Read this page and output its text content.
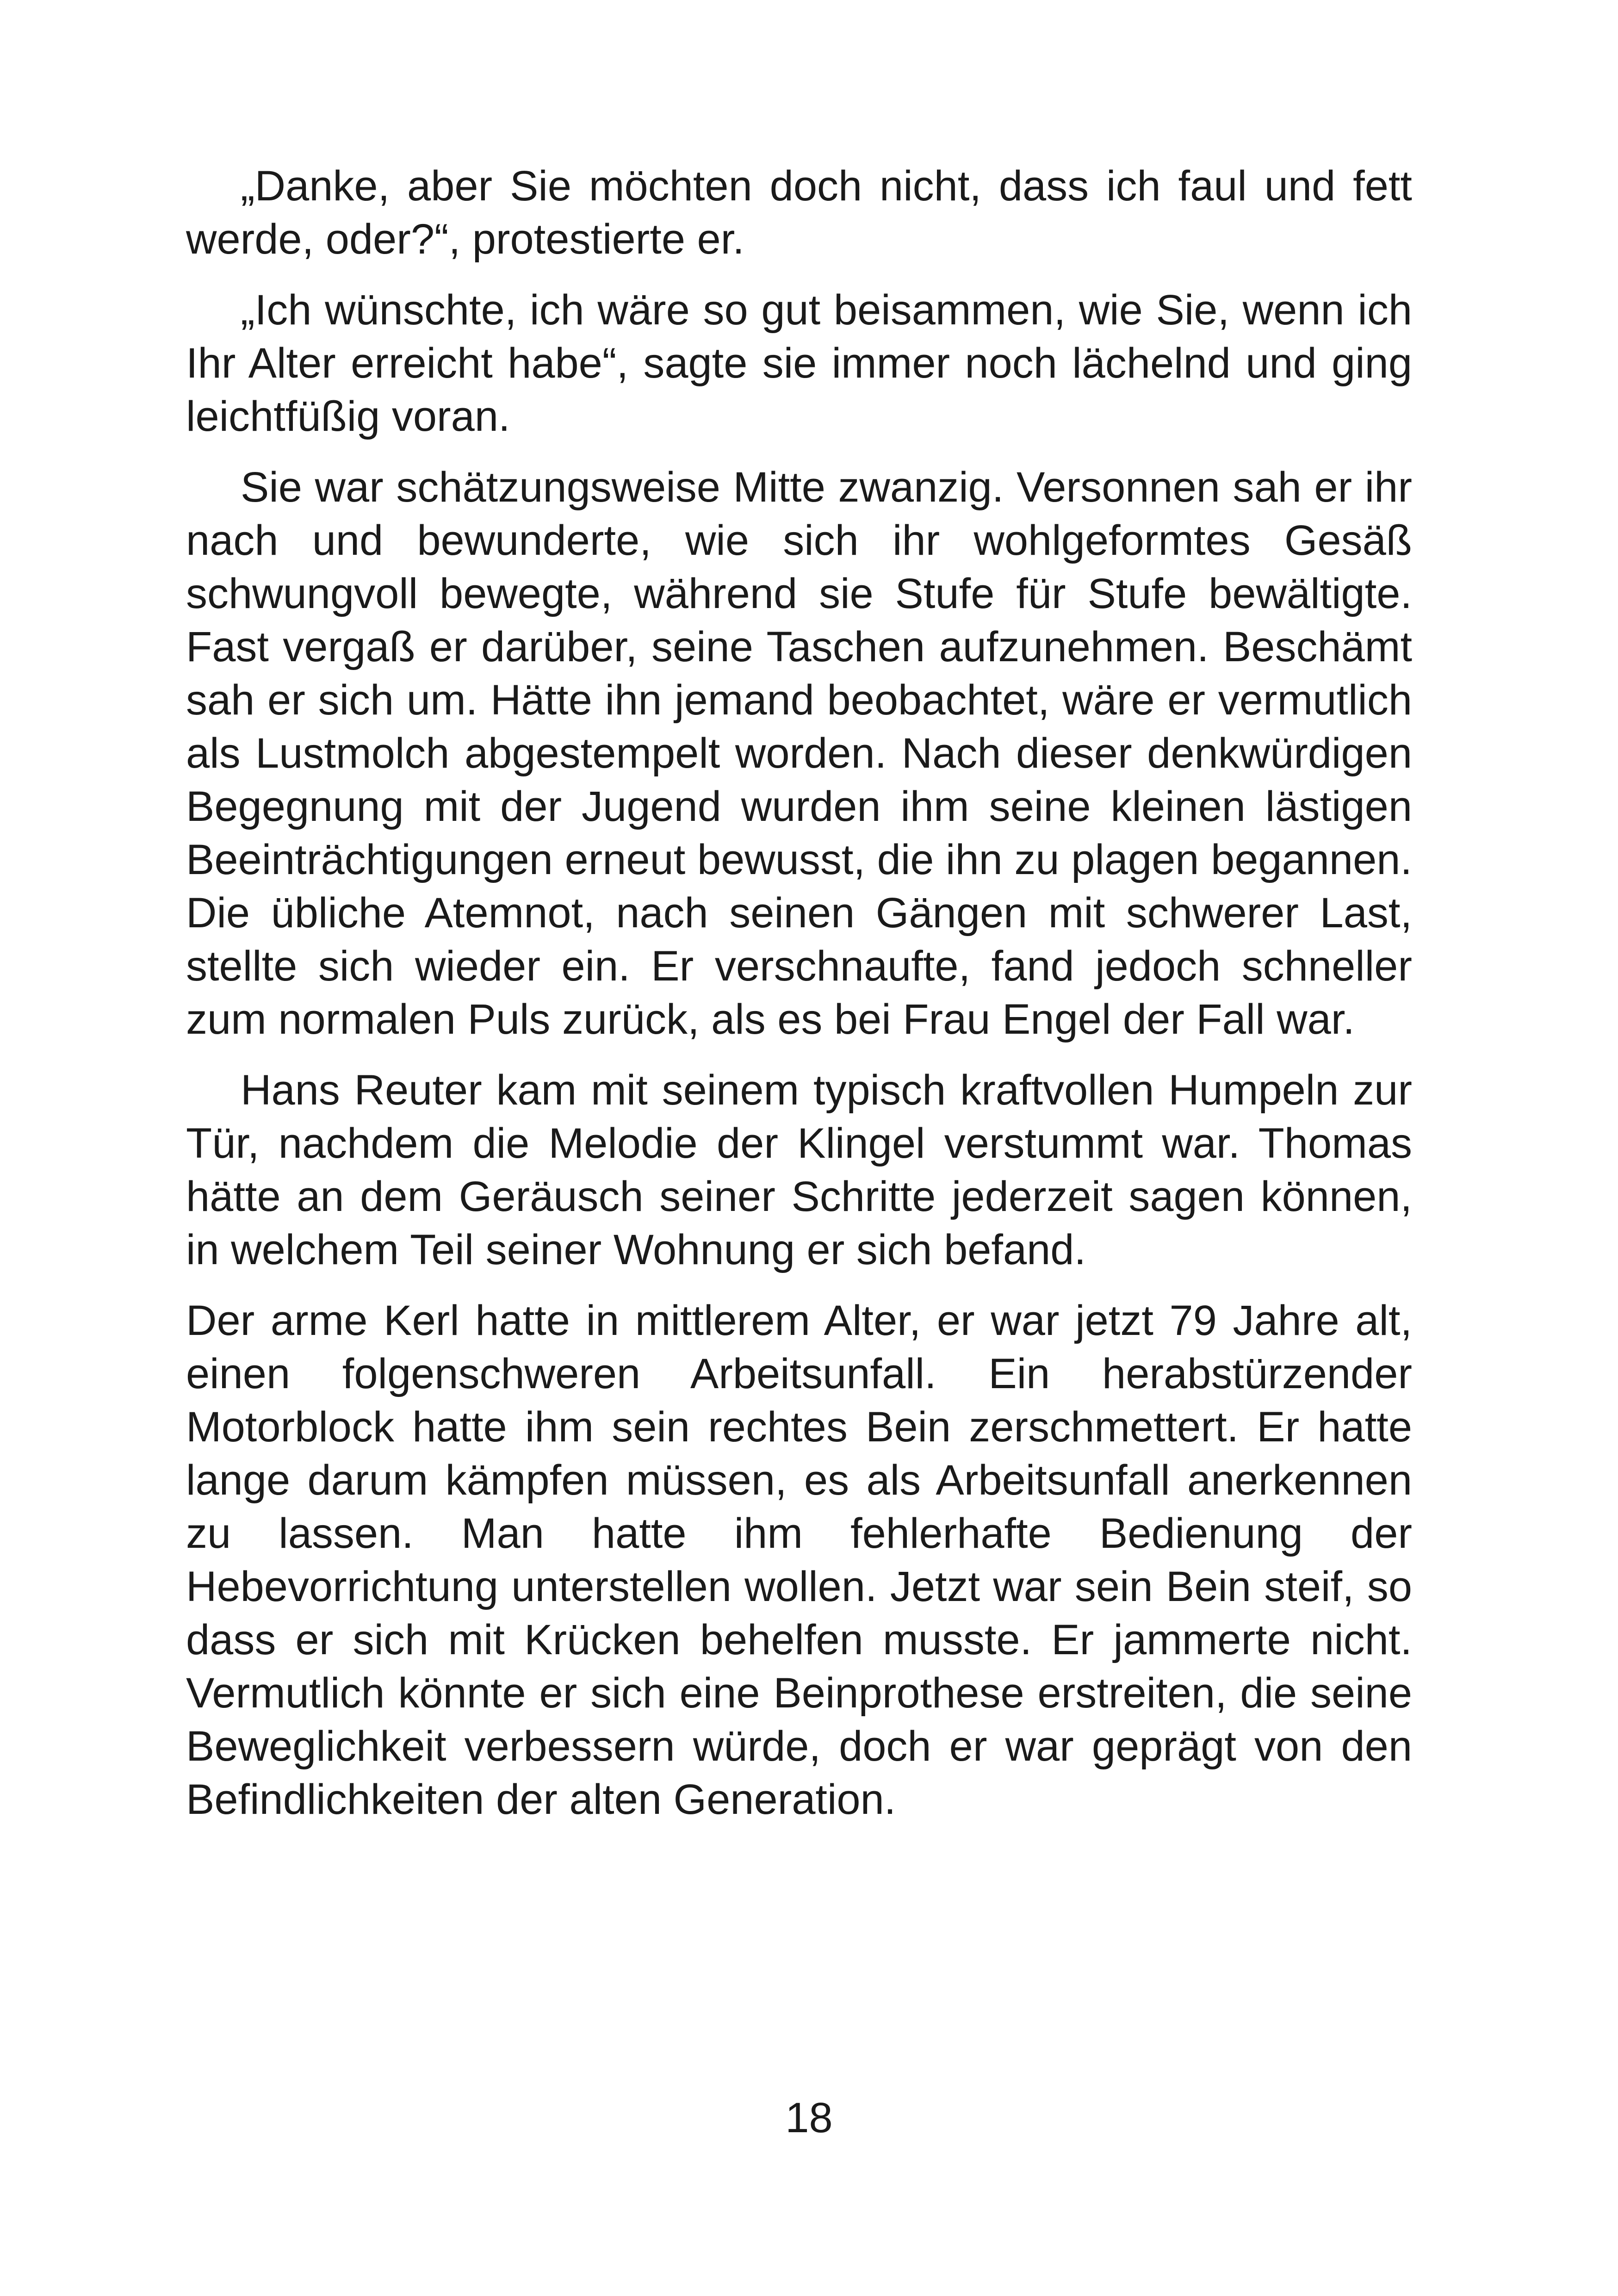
„Danke, aber Sie möchten doch nicht, dass ich faul und fett werde, oder?“, protestierte er.

„Ich wünschte, ich wäre so gut beisammen, wie Sie, wenn ich Ihr Alter erreicht habe“, sagte sie immer noch lächelnd und ging leichtfüßig voran.

Sie war schätzungsweise Mitte zwanzig. Versonnen sah er ihr nach und bewunderte, wie sich ihr wohlgeformtes Gesäß schwungvoll bewegte, während sie Stufe für Stufe bewältigte. Fast vergaß er darüber, seine Taschen aufzunehmen. Beschämt sah er sich um. Hätte ihn jemand beobachtet, wäre er vermutlich als Lustmolch abgestempelt worden. Nach dieser denkwürdigen Begegnung mit der Jugend wurden ihm seine kleinen lästigen Beeinträchtigungen erneut bewusst, die ihn zu plagen begannen. Die übliche Atemnot, nach seinen Gängen mit schwerer Last, stellte sich wieder ein. Er verschnaufte, fand jedoch schneller zum normalen Puls zurück, als es bei Frau Engel der Fall war.

Hans Reuter kam mit seinem typisch kraftvollen Humpeln zur Tür, nachdem die Melodie der Klingel verstummt war. Thomas hätte an dem Geräusch seiner Schritte jederzeit sagen können, in welchem Teil seiner Wohnung er sich befand.

Der arme Kerl hatte in mittlerem Alter, er war jetzt 79 Jahre alt, einen folgenschweren Arbeitsunfall. Ein herabstürzender Motorblock hatte ihm sein rechtes Bein zerschmettert. Er hatte lange darum kämpfen müssen, es als Arbeitsunfall anerkennen zu lassen. Man hatte ihm fehlerhafte Bedienung der Hebevorrichtung unterstellen wollen. Jetzt war sein Bein steif, so dass er sich mit Krücken behelfen musste. Er jammerte nicht. Vermutlich könnte er sich eine Beinprothese erstreiten, die seine Beweglichkeit verbessern würde, doch er war geprägt von den Befindlichkeiten der alten Generation.

18
